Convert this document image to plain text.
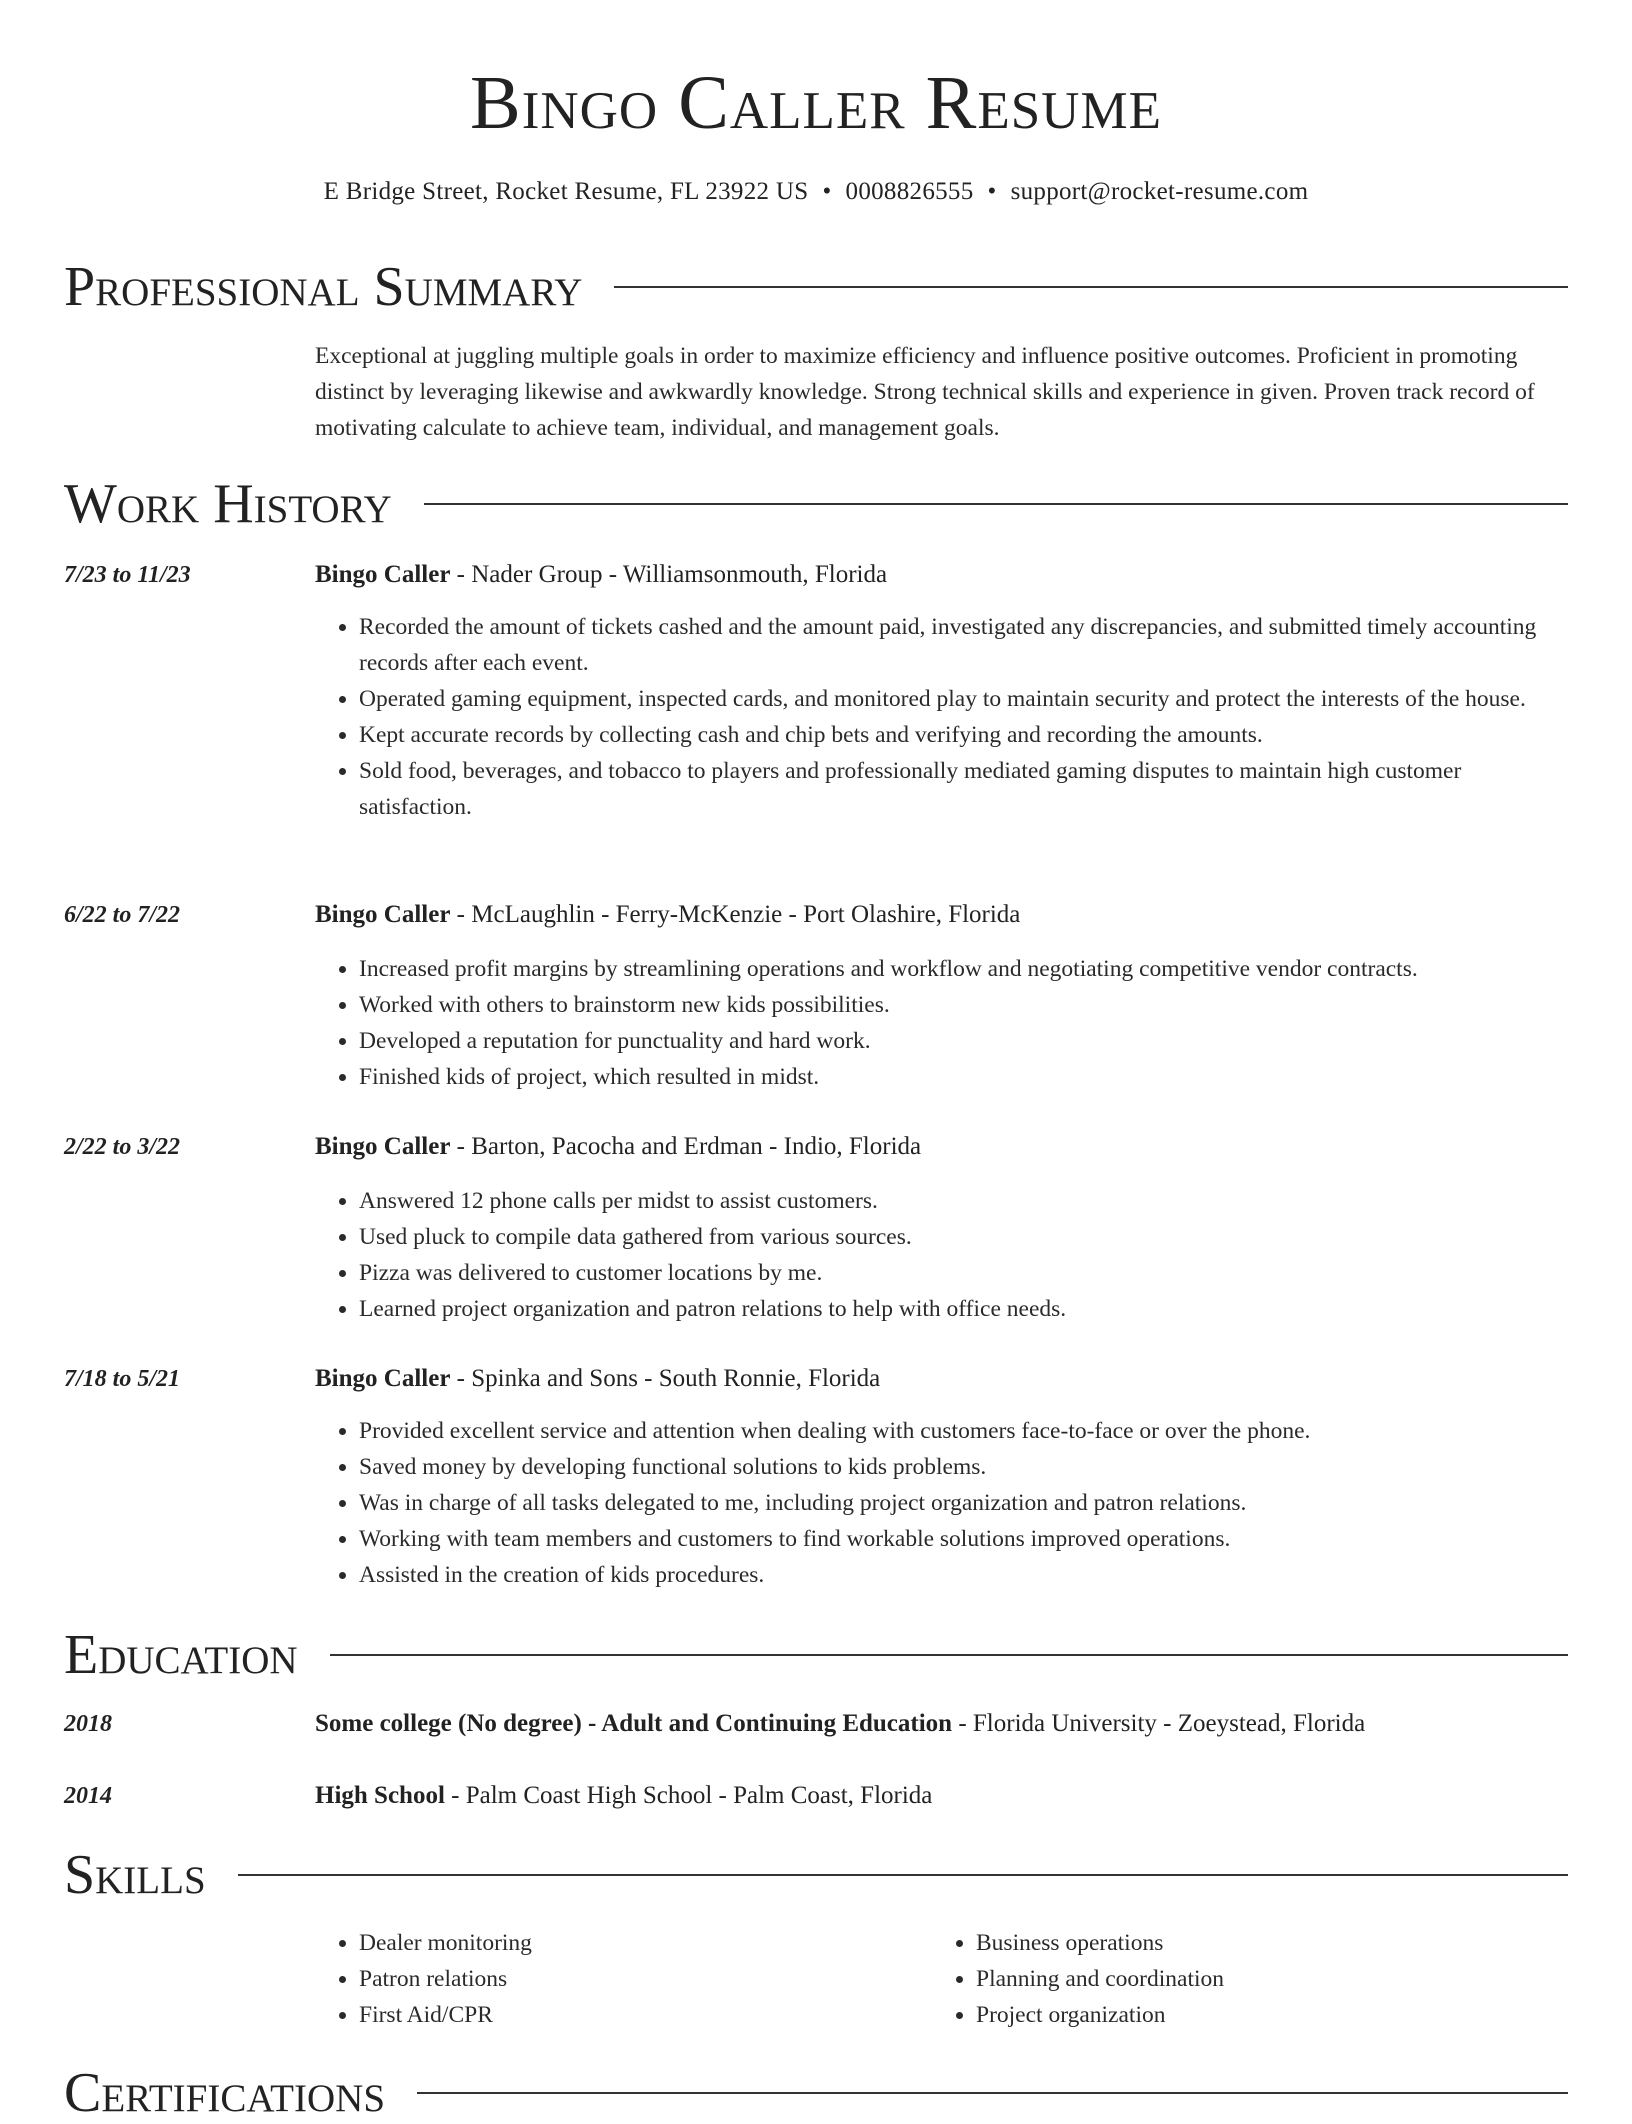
Bingo Caller Resume
E Bridge Street, Rocket Resume, FL 23922 US • 0008826555 • support@rocket-resume.com
Professional Summary
Exceptional at juggling multiple goals in order to maximize efficiency and influence positive outcomes. Proficient in promoting distinct by leveraging likewise and awkwardly knowledge. Strong technical skills and experience in given. Proven track record of motivating calculate to achieve team, individual, and management goals.
Work History
7/23 to 11/23	Bingo Caller - Nader Group - Williamsonmouth, Florida
• Recorded the amount of tickets cashed and the amount paid, investigated any discrepancies, and submitted timely accounting records after each event.
• Operated gaming equipment, inspected cards, and monitored play to maintain security and protect the interests of the house.
• Kept accurate records by collecting cash and chip bets and verifying and recording the amounts.
• Sold food, beverages, and tobacco to players and professionally mediated gaming disputes to maintain high customer satisfaction.
6/22 to 7/22	Bingo Caller - McLaughlin - Ferry-McKenzie - Port Olashire, Florida
• Increased profit margins by streamlining operations and workflow and negotiating competitive vendor contracts.
• Worked with others to brainstorm new kids possibilities.
• Developed a reputation for punctuality and hard work.
• Finished kids of project, which resulted in midst.
2/22 to 3/22	Bingo Caller - Barton, Pacocha and Erdman - Indio, Florida
• Answered 12 phone calls per midst to assist customers.
• Used pluck to compile data gathered from various sources.
• Pizza was delivered to customer locations by me.
• Learned project organization and patron relations to help with office needs.
7/18 to 5/21	Bingo Caller - Spinka and Sons - South Ronnie, Florida
• Provided excellent service and attention when dealing with customers face-to-face or over the phone.
• Saved money by developing functional solutions to kids problems.
• Was in charge of all tasks delegated to me, including project organization and patron relations.
• Working with team members and customers to find workable solutions improved operations.
• Assisted in the creation of kids procedures.
Education
2018	Some college (No degree) - Adult and Continuing Education - Florida University - Zoeystead, Florida
2014	High School - Palm Coast High School - Palm Coast, Florida
Skills
• Dealer monitoring
• Patron relations
• First Aid/CPR
• Business operations
• Planning and coordination
• Project organization
Certifications
